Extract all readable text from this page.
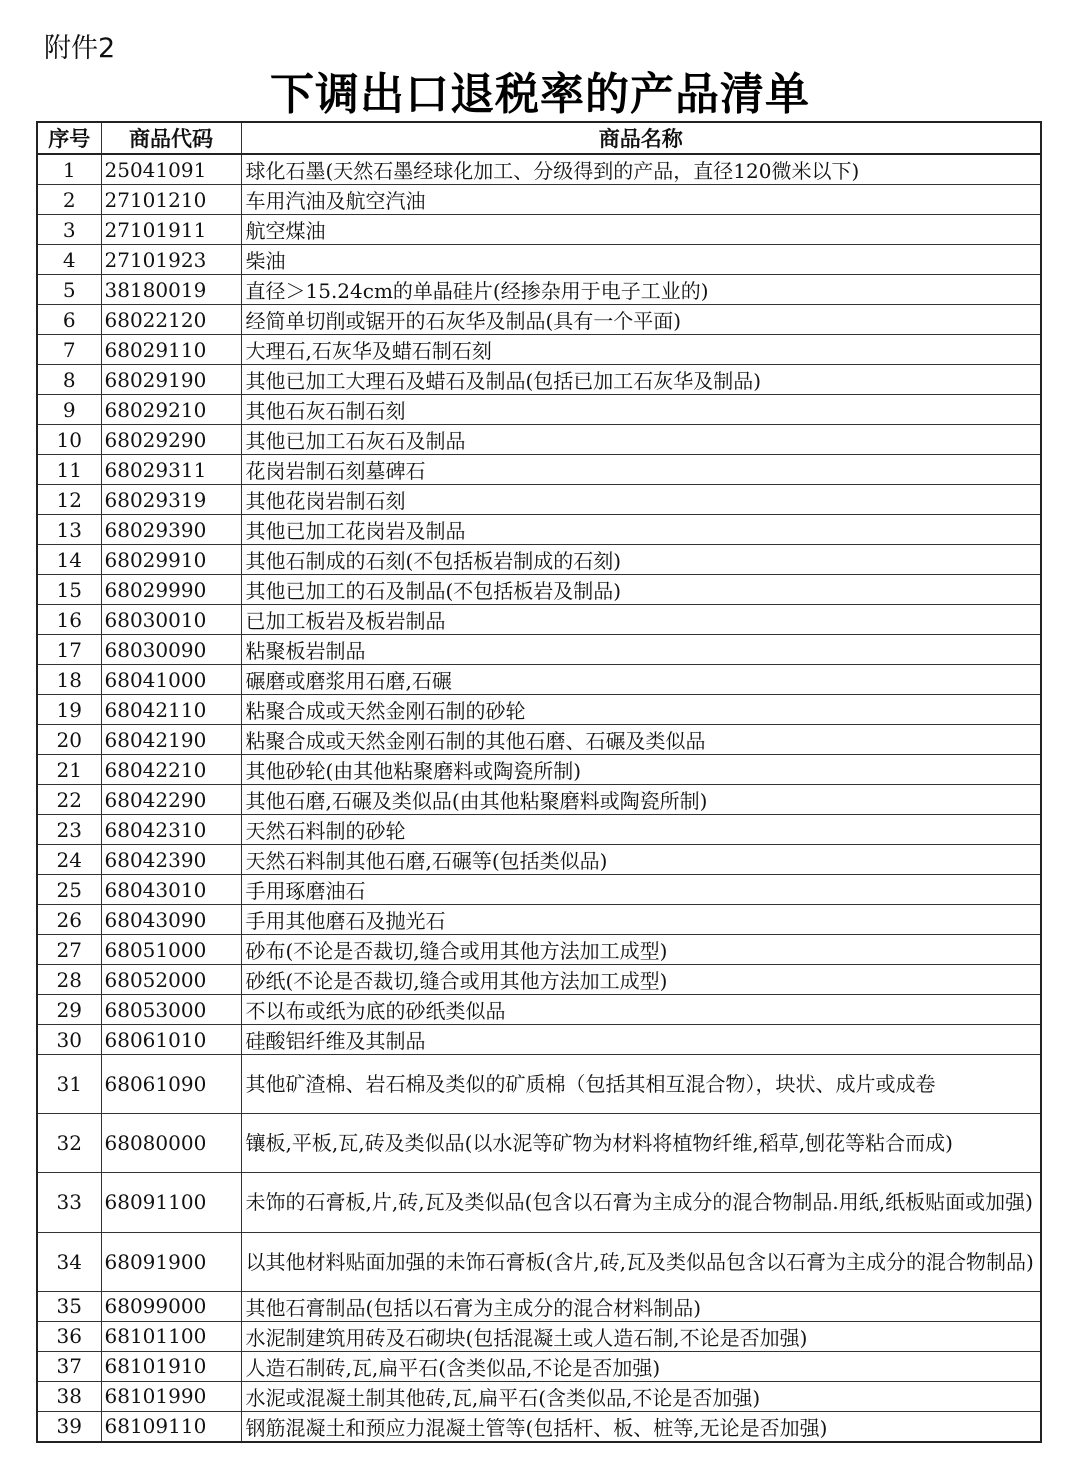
附件2
下调出口退税率的产品清单
序号	商品代码	商品名称
1	25041091	球化石墨(天然石墨经球化加工、分级得到的产品，直径120微米以下)
2	27101210	车用汽油及航空汽油
3	27101911	航空煤油
4	27101923	柴油
5	38180019	直径＞15.24cm的单晶硅片(经掺杂用于电子工业的)
6	68022120	经简单切削或锯开的石灰华及制品(具有一个平面)
7	68029110	大理石,石灰华及蜡石制石刻
8	68029190	其他已加工大理石及蜡石及制品(包括已加工石灰华及制品)
9	68029210	其他石灰石制石刻
10	68029290	其他已加工石灰石及制品
11	68029311	花岗岩制石刻墓碑石
12	68029319	其他花岗岩制石刻
13	68029390	其他已加工花岗岩及制品
14	68029910	其他石制成的石刻(不包括板岩制成的石刻)
15	68029990	其他已加工的石及制品(不包括板岩及制品)
16	68030010	已加工板岩及板岩制品
17	68030090	粘聚板岩制品
18	68041000	碾磨或磨浆用石磨,石碾
19	68042110	粘聚合成或天然金刚石制的砂轮
20	68042190	粘聚合成或天然金刚石制的其他石磨、石碾及类似品
21	68042210	其他砂轮(由其他粘聚磨料或陶瓷所制)
22	68042290	其他石磨,石碾及类似品(由其他粘聚磨料或陶瓷所制)
23	68042310	天然石料制的砂轮
24	68042390	天然石料制其他石磨,石碾等(包括类似品)
25	68043010	手用琢磨油石
26	68043090	手用其他磨石及抛光石
27	68051000	砂布(不论是否裁切,缝合或用其他方法加工成型)
28	68052000	砂纸(不论是否裁切,缝合或用其他方法加工成型)
29	68053000	不以布或纸为底的砂纸类似品
30	68061010	硅酸铝纤维及其制品
31	68061090	其他矿渣棉、岩石棉及类似的矿质棉（包括其相互混合物），块状、成片或成卷
32	68080000	镶板,平板,瓦,砖及类似品(以水泥等矿物为材料将植物纤维,稻草,刨花等粘合而成)
33	68091100	未饰的石膏板,片,砖,瓦及类似品(包含以石膏为主成分的混合物制品.用纸,纸板贴面或加强)
34	68091900	以其他材料贴面加强的未饰石膏板(含片,砖,瓦及类似品包含以石膏为主成分的混合物制品)
35	68099000	其他石膏制品(包括以石膏为主成分的混合材料制品)
36	68101100	水泥制建筑用砖及石砌块(包括混凝土或人造石制,不论是否加强)
37	68101910	人造石制砖,瓦,扁平石(含类似品,不论是否加强)
38	68101990	水泥或混凝土制其他砖,瓦,扁平石(含类似品,不论是否加强)
39	68109110	钢筋混凝土和预应力混凝土管等(包括杆、板、桩等,无论是否加强)
